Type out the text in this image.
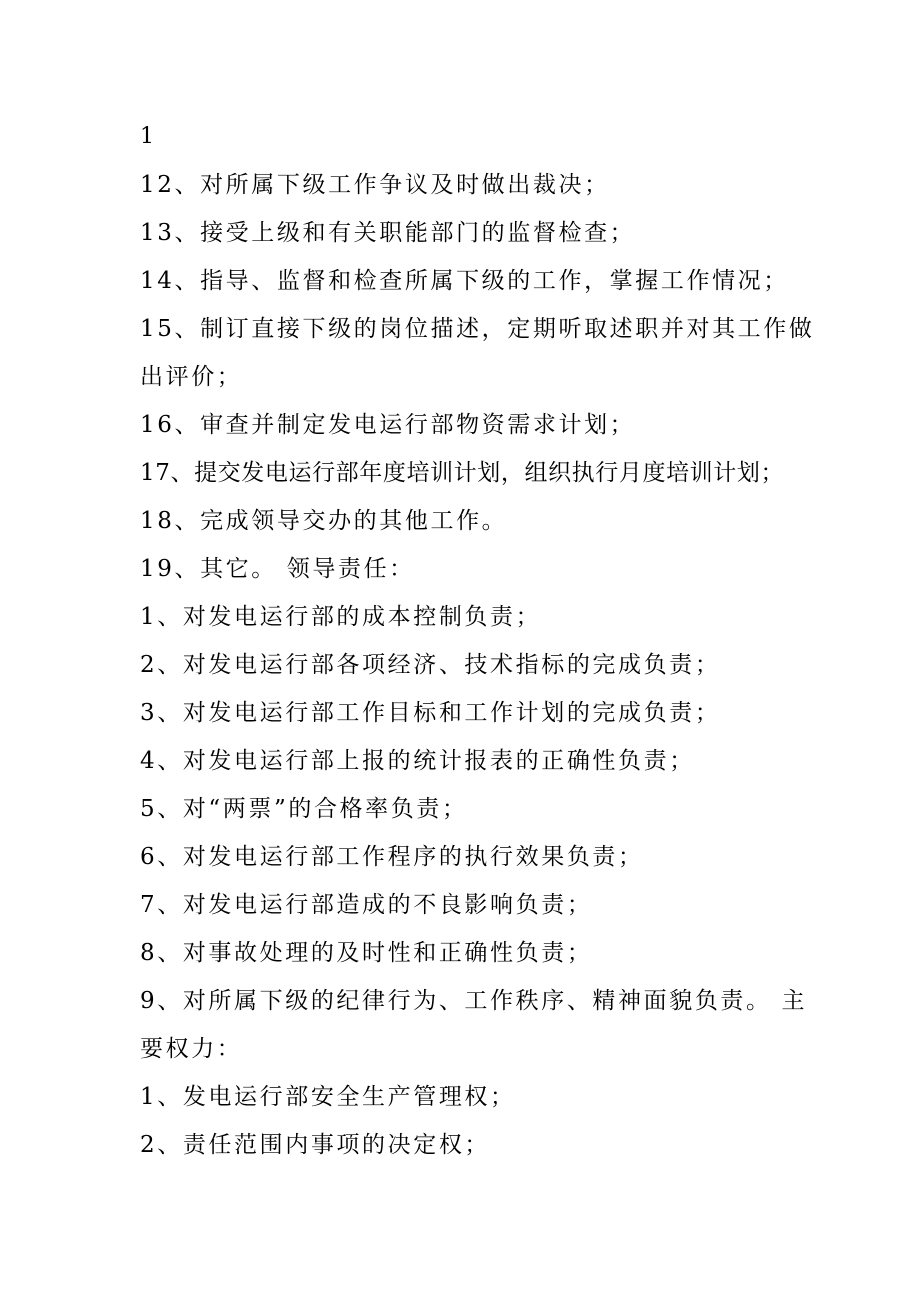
1
12、对所属下级工作争议及时做出裁决；
13、接受上级和有关职能部门的监督检查；
14、指导、监督和检查所属下级的工作，掌握工作情况；
15、制订直接下级的岗位描述，定期听取述职并对其工作做
出评价；
16、审查并制定发电运行部物资需求计划；
17、提交发电运行部年度培训计划，组织执行月度培训计划；
18、完成领导交办的其他工作。
19、其它。 领导责任：
1、对发电运行部的成本控制负责；
2、对发电运行部各项经济、技术指标的完成负责；
3、对发电运行部工作目标和工作计划的完成负责；
4、对发电运行部上报的统计报表的正确性负责；
5、对“两票”的合格率负责；
6、对发电运行部工作程序的执行效果负责；
7、对发电运行部造成的不良影响负责；
8、对事故处理的及时性和正确性负责；
9、对所属下级的纪律行为、工作秩序、精神面貌负责。 主
要权力：
1、发电运行部安全生产管理权；
2、责任范围内事项的决定权；
